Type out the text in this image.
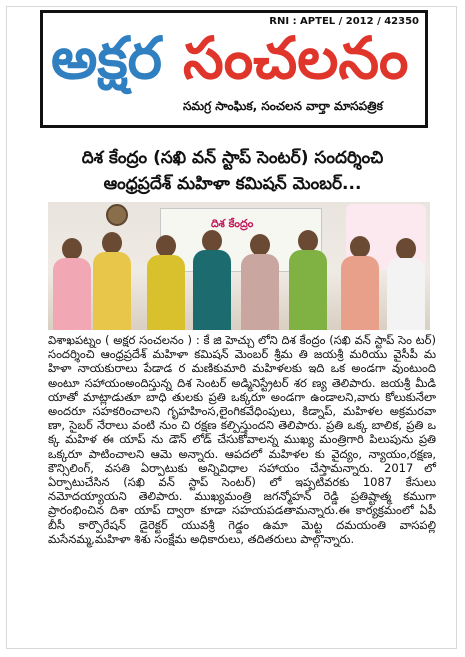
RNI : APTEL / 2012 / 42350
అక్షర సంచలనం
సమగ్ర సాంఘిక, సంచలన వార్తా మాసపత్రిక
దిశ కేంద్రం (సఖి వన్ స్టాప్ సెంటర్) సందర్శించి
ఆంధ్రప్రదేశ్ మహిళా కమిషన్ మెంబర్...
దిశ కేంద్రం
విశాఖపట్నం ( అక్షర సంచలనం ) : కే జి హెచ్చు లోని దిశ కేంద్రం (సఖి వన్ స్టాప్ సెం టర్) సందర్శించి ఆంధ్రప్రదేశ్ మహిళా కమిషన్ మెంబర్ శ్రీమ తి జయశ్రీ మరియు వైసీపీ మ హిళా నాయకురాలు పేడాడ ర మణికుమారి మహిళలకు ఇది ఒక అండగా వుంటుంది అంటూ సహాయంఅందిస్తున్న దిశ సెంటర్ అడ్మినిస్ట్రేటర్ శర ణ్య తెలిపారు. జయశ్రీ మీడి యాతో మాట్లాడుతూ బాధి తులకు ప్రతి ఒక్కరూ అండగా ఉండాలని,వారు కోలుకునేలా అందరూ సహకరించాలని గృహహింస,లైంగికవేధింపులు, కిడ్నాప్, మహిళల అక్రమరవా ణా, సైబర్ నేరాలు వంటి నుం చి రక్షణ కల్పిస్తుందని తెలిపారు. ప్రతి ఒక్క బాలిక, ప్రతి ఒ క్క మహిళ ఈ యాప్ ను డౌన్ లోడ్ చేసుకోవాలన్న ముఖ్య మంత్రిగారి పిలుపును ప్రతి ఒక్కరూ పాటించాలని ఆమె అన్నారు. ఆపదలో మహిళల కు వైద్యం, న్యాయం,రక్షణ, కౌన్సిలింగ్, వసతి ఏర్పాటుకు అన్నివిధాల సహాయం చేస్తామన్నారు. 2017 లో ఏర్పాటుచేసిన (సఖి వన్ స్టాప్ సెంటర్) లో ఇప్పటివరకు 1087 కేసులు నమోదయ్యాయని తెలిపారు. ముఖ్యమంత్రి జగన్మోహన్ రెడ్డి ప్రతిష్టాత్మ కముగా ప్రారంభించిన దిశా యాప్ ద్వారా కూడా సహయపడతామన్నారు.ఈ కార్యక్రమంలో ఏపీ బీసీ కార్పొరేషన్ డైరెక్టర్ యువశ్రీ గెడ్డం ఉమా మెట్ట దమయంతి వాసపల్లి మసేనమ్మ,మహిళా శిశు సంక్షేమ అధికారులు, తదితరులు పాల్గొన్నారు.
